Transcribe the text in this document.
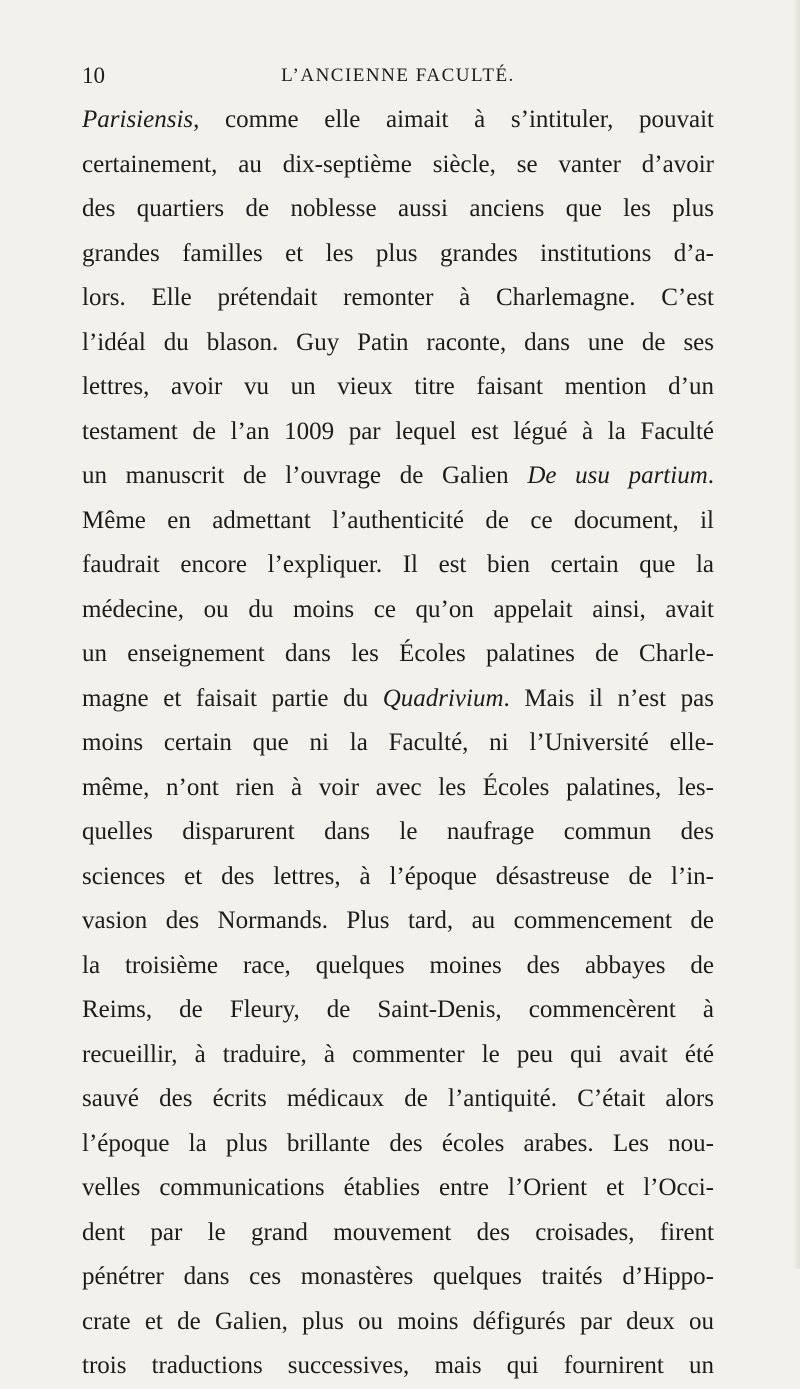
10	L’ANCIENNE FACULTÉ.
Parisiensis, comme elle aimait à s’intituler, pouvait
certainement, au dix-septième siècle, se vanter d’avoir
des quartiers de noblesse aussi anciens que les plus
grandes familles et les plus grandes institutions d’a-
lors. Elle prétendait remonter à Charlemagne. C’est
l’idéal du blason. Guy Patin raconte, dans une de ses
lettres, avoir vu un vieux titre faisant mention d’un
testament de l’an 1009 par lequel est légué à la Faculté
un manuscrit de l’ouvrage de Galien De usu partium.
Même en admettant l’authenticité de ce document, il
faudrait encore l’expliquer. Il est bien certain que la
médecine, ou du moins ce qu’on appelait ainsi, avait
un enseignement dans les Écoles palatines de Charle-
magne et faisait partie du Quadrivium. Mais il n’est pas
moins certain que ni la Faculté, ni l’Université elle-
même, n’ont rien à voir avec les Écoles palatines, les-
quelles disparurent dans le naufrage commun des
sciences et des lettres, à l’époque désastreuse de l’in-
vasion des Normands. Plus tard, au commencement de
la troisième race, quelques moines des abbayes de
Reims, de Fleury, de Saint-Denis, commencèrent à
recueillir, à traduire, à commenter le peu qui avait été
sauvé des écrits médicaux de l’antiquité. C’était alors
l’époque la plus brillante des écoles arabes. Les nou-
velles communications établies entre l’Orient et l’Occi-
dent par le grand mouvement des croisades, firent
pénétrer dans ces monastères quelques traités d’Hippo-
crate et de Galien, plus ou moins défigurés par deux ou
trois traductions successives, mais qui fournirent un
